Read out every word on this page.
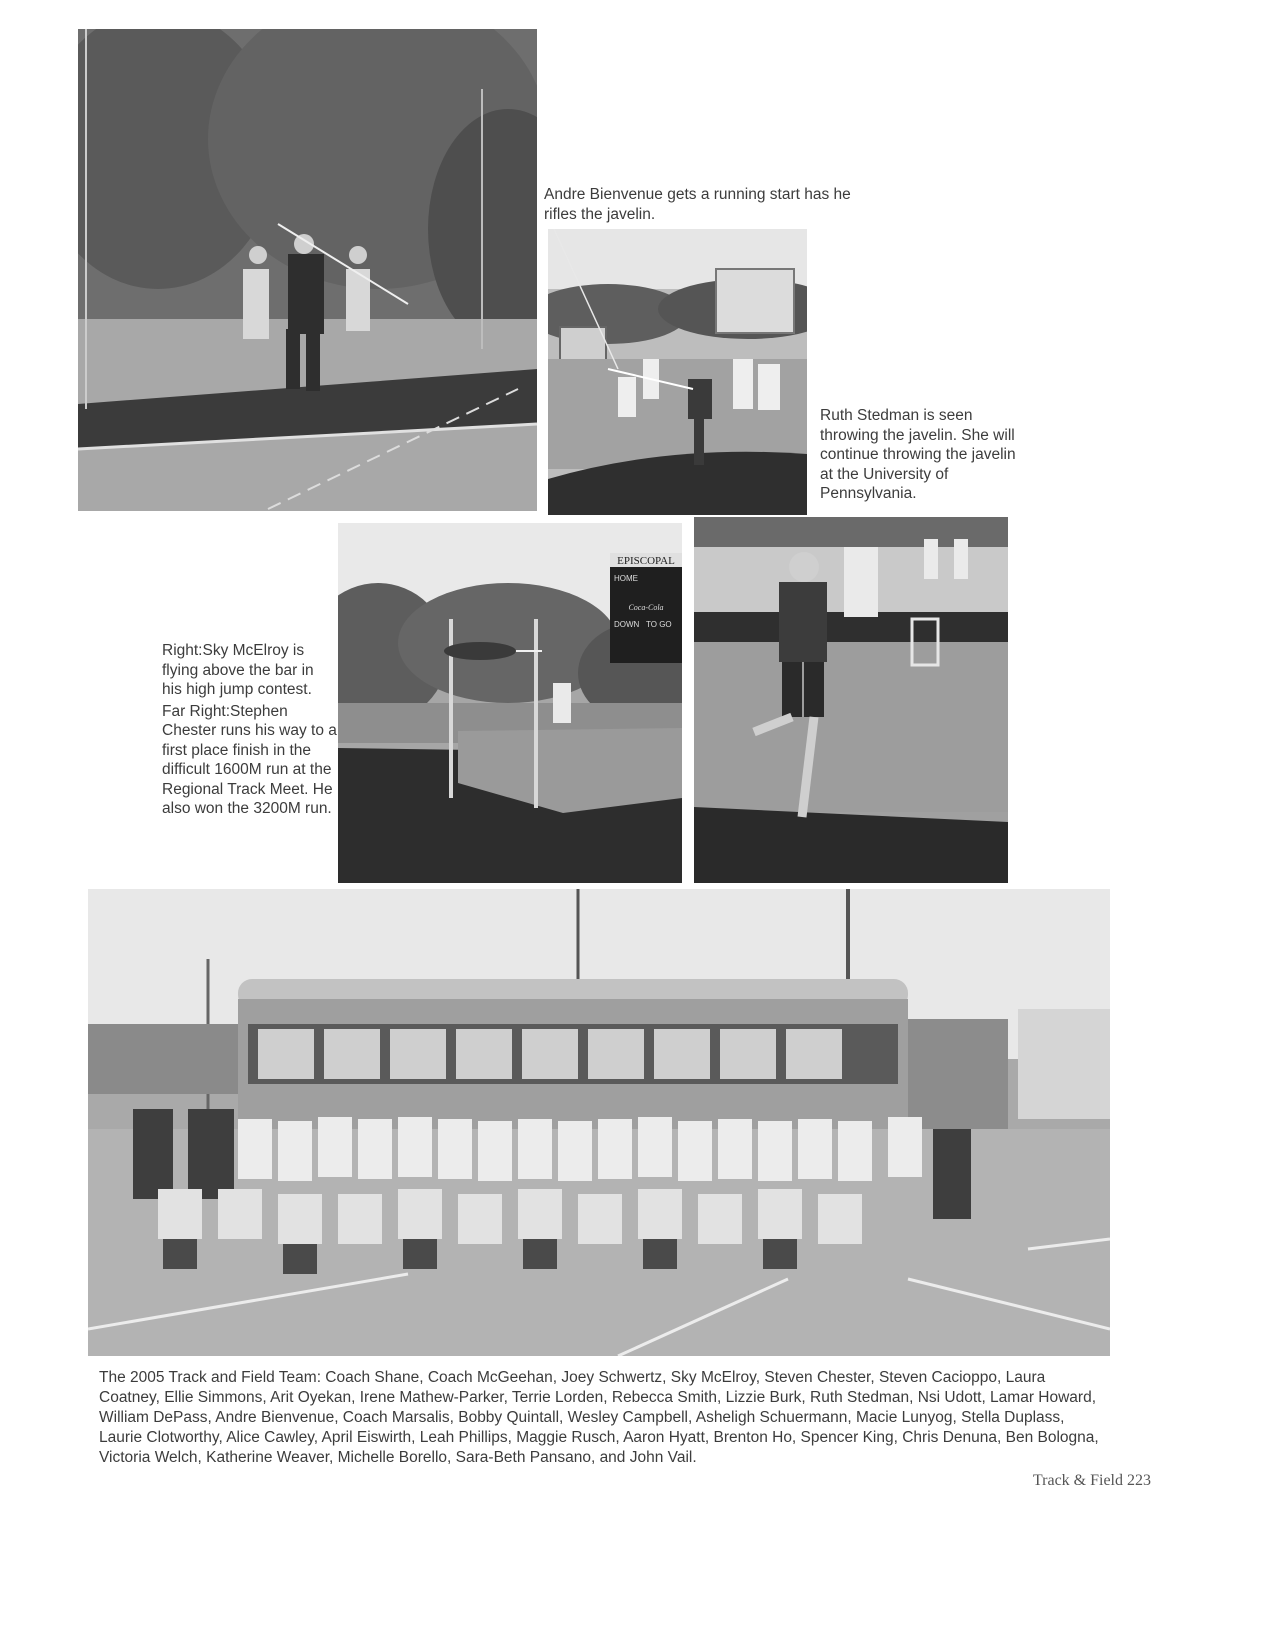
Andre Bienvenue gets a running start has he rifles the javelin.

Ruth Stedman is seen throwing the javelin. She will continue throwing the javelin at the University of Pennsylvania.

Right:Sky McElroy is flying above the bar in his high jump contest.

Far Right:Stephen Chester runs his way to a first place finish in the difficult 1600M run at the Regional Track Meet. He also won the 3200M run.

EPISCOPAL
HOME
Coca-Cola
DOWN TO GO

The 2005 Track and Field Team: Coach Shane, Coach McGeehan, Joey Schwertz, Sky McElroy, Steven Chester, Steven Cacioppo, Laura Coatney, Ellie Simmons, Arit Oyekan, Irene Mathew-Parker, Terrie Lorden, Rebecca Smith, Lizzie Burk, Ruth Stedman, Nsi Udott, Lamar Howard, William DePass, Andre Bienvenue, Coach Marsalis, Bobby Quintall, Wesley Campbell, Asheligh Schuermann, Macie Lunyog, Stella Duplass, Laurie Clotworthy, Alice Cawley, April Eiswirth, Leah Phillips, Maggie Rusch, Aaron Hyatt, Brenton Ho, Spencer King, Chris Denuna, Ben Bologna, Victoria Welch, Katherine Weaver, Michelle Borello, Sara-Beth Pansano, and John Vail.

Track & Field 223
